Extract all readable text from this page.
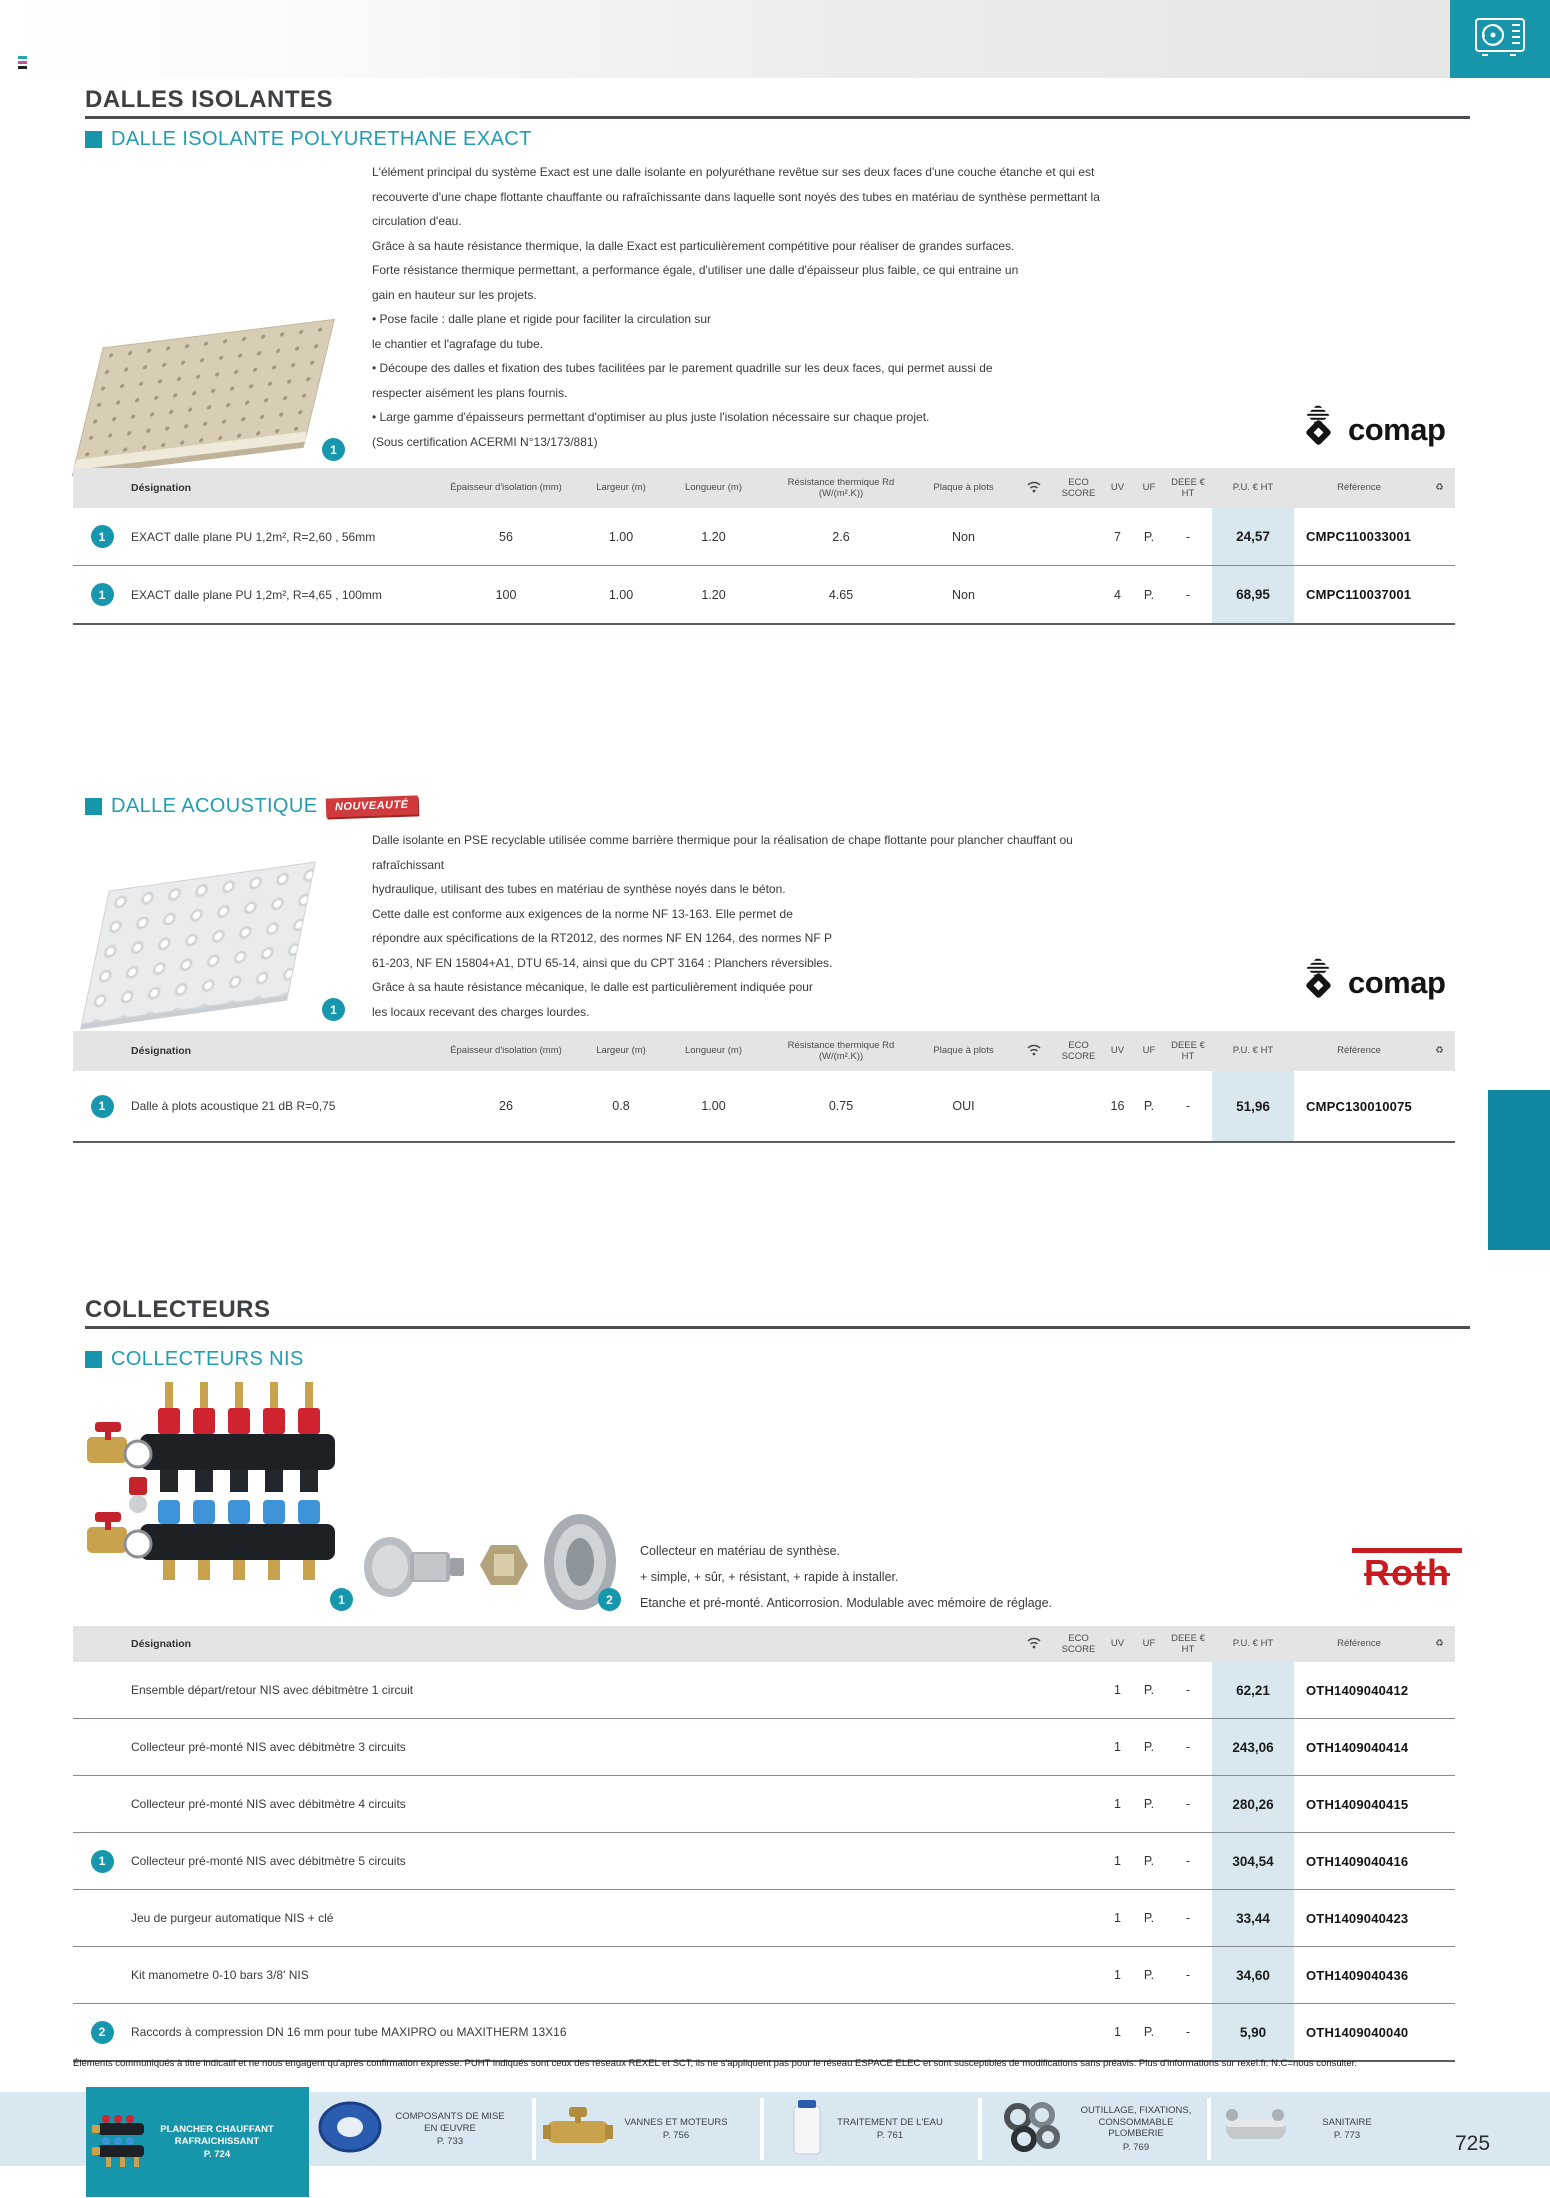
DALLES ISOLANTES
DALLE ISOLANTE POLYURETHANE EXACT
L'élément principal du système Exact est une dalle isolante en polyuréthane revêtue sur ses deux faces d'une couche étanche et qui est
recouverte d'une chape flottante chauffante ou rafraîchissante dans laquelle sont noyés des tubes en matériau de synthèse permettant la
circulation d'eau.
Grâce à sa haute résistance thermique, la dalle Exact est particulièrement compétitive pour réaliser de grandes surfaces.
Forte résistance thermique permettant, a performance égale, d'utiliser une dalle d'épaisseur plus faible, ce qui entraine un
gain en hauteur sur les projets.
• Pose facile : dalle plane et rigide pour faciliter la circulation sur
le chantier et l'agrafage du tube.
• Découpe des dalles et fixation des tubes facilitées par le parement quadrille sur les deux faces, qui permet aussi de
respecter aisément les plans fournis.
• Large gamme d'épaisseurs permettant d'optimiser au plus juste l'isolation nécessaire sur chaque projet.
(Sous certification ACERMI N°13/173/881)
1
comap
Désignation	Épaisseur d'isolation (mm)	Largeur (m)	Longueur (m)
Résistance thermique Rd (W/(m².K))
Plaque à plots
ECO SCORE
UV	UF
DEEE € HT
P.U. € HT	Référence	♻
1	EXACT dalle plane PU 1,2m², R=2,60 , 56mm	56	1.00	1.20	2.6	Non	7	P.	-	24,57	CMPC110033001
1	EXACT dalle plane PU 1,2m², R=4,65 , 100mm	100	1.00	1.20	4.65	Non	4	P.	-	68,95	CMPC110037001
DALLE ACOUSTIQUE	NOUVEAUTÉ
Dalle isolante en PSE recyclable utilisée comme barrière thermique pour la réalisation de chape flottante pour plancher chauffant ou
rafraîchissant
hydraulique, utilisant des tubes en matériau de synthèse noyés dans le béton.
Cette dalle est conforme aux exigences de la norme NF 13-163. Elle permet de
répondre aux spécifications de la RT2012, des normes NF EN 1264, des normes NF P
61-203, NF EN 15804+A1, DTU 65-14, ainsi que du CPT 3164 : Planchers réversibles.
Grâce à sa haute résistance mécanique, le dalle est particulièrement indiquée pour
les locaux recevant des charges lourdes.
1
comap
Désignation	Épaisseur d'isolation (mm)	Largeur (m)	Longueur (m)
Résistance thermique Rd (W/(m².K))
Plaque à plots
ECO SCORE
UV	UF
DEEE € HT
P.U. € HT	Référence	♻
1	Dalle à plots acoustique 21 dB R=0,75	26	0.8	1.00	0.75	OUI	16	P.	-	51,96	CMPC130010075
COLLECTEURS
COLLECTEURS NIS
1	2
Collecteur en matériau de synthèse.
+ simple, + sûr, + résistant, + rapide à installer.
Etanche et pré-monté. Anticorrosion. Modulable avec mémoire de réglage.
Roth
Désignation	ECO SCORE
UV	UF
DEEE € HT
P.U. € HT	Référence	♻
Ensemble départ/retour NIS avec débitmètre 1 circuit	1	P.	-	62,21	OTH1409040412
Collecteur pré-monté NIS avec débitmètre 3 circuits	1	P.	-	243,06	OTH1409040414
Collecteur pré-monté NIS avec débitmètre 4 circuits	1	P.	-	280,26	OTH1409040415
1	Collecteur pré-monté NIS avec débitmètre 5 circuits	1	P.	-	304,54	OTH1409040416
Jeu de purgeur automatique NIS + clé	1	P.	-	33,44	OTH1409040423
Kit manometre 0-10 bars 3/8' NIS	1	P.	-	34,60	OTH1409040436
2	Raccords à compression DN 16 mm pour tube MAXIPRO ou MAXITHERM 13X16	1	P.	-	5,90	OTH1409040040
Éléments communiqués à titre indicatif et ne nous engagent qu'après confirmation expresse. PUHT indiqués sont ceux des réseaux REXEL et SCT, ils ne s'appliquent pas pour le réseau ESPACE ELEC et sont susceptibles de modifications sans préavis. Plus d'informations sur rexel.fr. N.C=nous consulter.
PLANCHER CHAUFFANT RAFRAICHISSANT
P. 724
COMPOSANTS DE MISE EN ŒUVRE
P. 733
VANNES ET MOTEURS
P. 756
TRAITEMENT DE L'EAU
P. 761
OUTILLAGE, FIXATIONS, CONSOMMABLE PLOMBERIE
P. 769
SANITAIRE
P. 773	725
